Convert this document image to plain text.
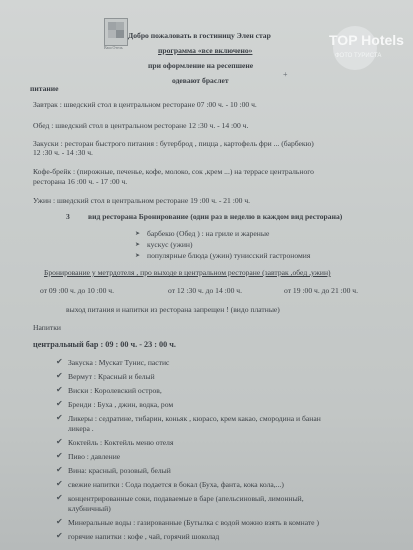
Ваш Отель	TOP Hotels
ФОТО ТУРИСТА
Добро пожаловать в гостиницу Элен стар
программа «все включено»
при оформление на ресепшене
одевают браслет
+
питание
Завтрак : шведский стол в центральном ресторане 07 :00 ч. - 10 :00 ч.
Обед : шведский стол в центральном ресторане 12 :30 ч. - 14 :00 ч.
Закуски : ресторан быстрого питания : бутерброд , пицца , картофель фри ... (барбекю)
12 :30 ч. - 14 :30 ч.
Кофе-брейк : (пирожные, печенье, кофе, молоко, сок ,крем ...) на террасе центрального
ресторана 16 :00 ч. - 17 :00 ч.
Ужин : шведский стол в центральном ресторане 19 :00 ч. - 21 :00 ч.
3 вид ресторана Бронирование (один раз в неделю в каждом вид ресторана)
➤ барбекю (Обед ) : на гриле и жареные
➤ кускус (ужин)
➤ популярные блюда (ужин) тунисский гастрономия
Бронирование у метрдотеля , про выходе в центральном ресторане (завтрак ,обед ,ужин)
от 09 :00 ч. до 10 :00 ч.	от 12 :30 ч. до 14 :00 ч.	от 19 :00 ч. до 21 :00 ч.
выход питания и напитки из ресторана запрещен ! (видо платные)
Напитки
центральный бар : 09 : 00 ч. - 23 : 00 ч.
✔ Закуска : Мускат Тунис, пастис
✔ Вермут : Красный и белый
✔ Виски : Королевский остров,
✔ Бренди : Буха , джин, водка, ром
✔ Ликеры : седратине, тибарин, коньяк , кюрасо, крем какао, смородина и банан
ликера .
✔ Коктейль : Коктейль меню отеля
✔ Пиво : давление
✔ Вина: красный, розовый, белый
✔ свежие напитки : Сода подается в бокал (Буха, фанта, кока кола,...)
✔ концентрированные соки, подаваемые в баре (апельсиновый, лимонный,
клубничный)
✔ Минеральные воды : газированные (Бутылка с водой можно взять в комнате )
✔ горячие напитки : кофе , чай, горячий шоколад
